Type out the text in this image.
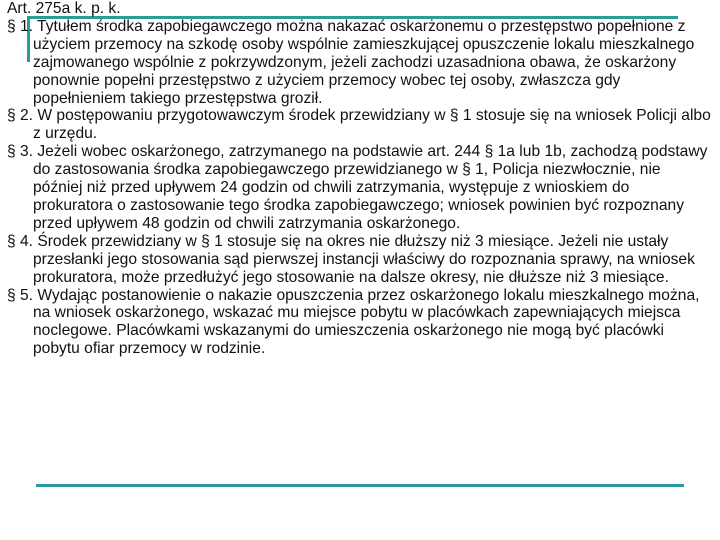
Art. 275a k. p. k.

§ 1. Tytułem środka zapobiegawczego można nakazać oskarżonemu o przestępstwo popełnione z użyciem przemocy na szkodę osoby wspólnie zamieszkującej opuszczenie lokalu mieszkalnego zajmowanego wspólnie z pokrzywdzonym, jeżeli zachodzi uzasadniona obawa, że oskarżony ponownie popełni przestępstwo z użyciem przemocy wobec tej osoby, zwłaszcza gdy popełnieniem takiego przestępstwa groził.

§ 2. W postępowaniu przygotowawczym środek przewidziany w § 1 stosuje się na wniosek Policji albo z urzędu.

§ 3. Jeżeli wobec oskarżonego, zatrzymanego na podstawie art. 244 § 1a lub 1b, zachodzą podstawy do zastosowania środka zapobiegawczego przewidzianego w § 1, Policja niezwłocznie, nie później niż przed upływem 24 godzin od chwili zatrzymania, występuje z wnioskiem do prokuratora o zastosowanie tego środka zapobiegawczego; wniosek powinien być rozpoznany przed upływem 48 godzin od chwili zatrzymania oskarżonego.

§ 4. Środek przewidziany w § 1 stosuje się na okres nie dłuższy niż 3 miesiące. Jeżeli nie ustały przesłanki jego stosowania sąd pierwszej instancji właściwy do rozpoznania sprawy, na wniosek prokuratora, może przedłużyć jego stosowanie na dalsze okresy, nie dłuższe niż 3 miesiące.

§ 5. Wydając postanowienie o nakazie opuszczenia przez oskarżonego lokalu mieszkalnego można, na wniosek oskarżonego, wskazać mu miejsce pobytu w placówkach zapewniających miejsca noclegowe. Placówkami wskazanymi do umieszczenia oskarżonego nie mogą być placówki pobytu ofiar przemocy w rodzinie.
